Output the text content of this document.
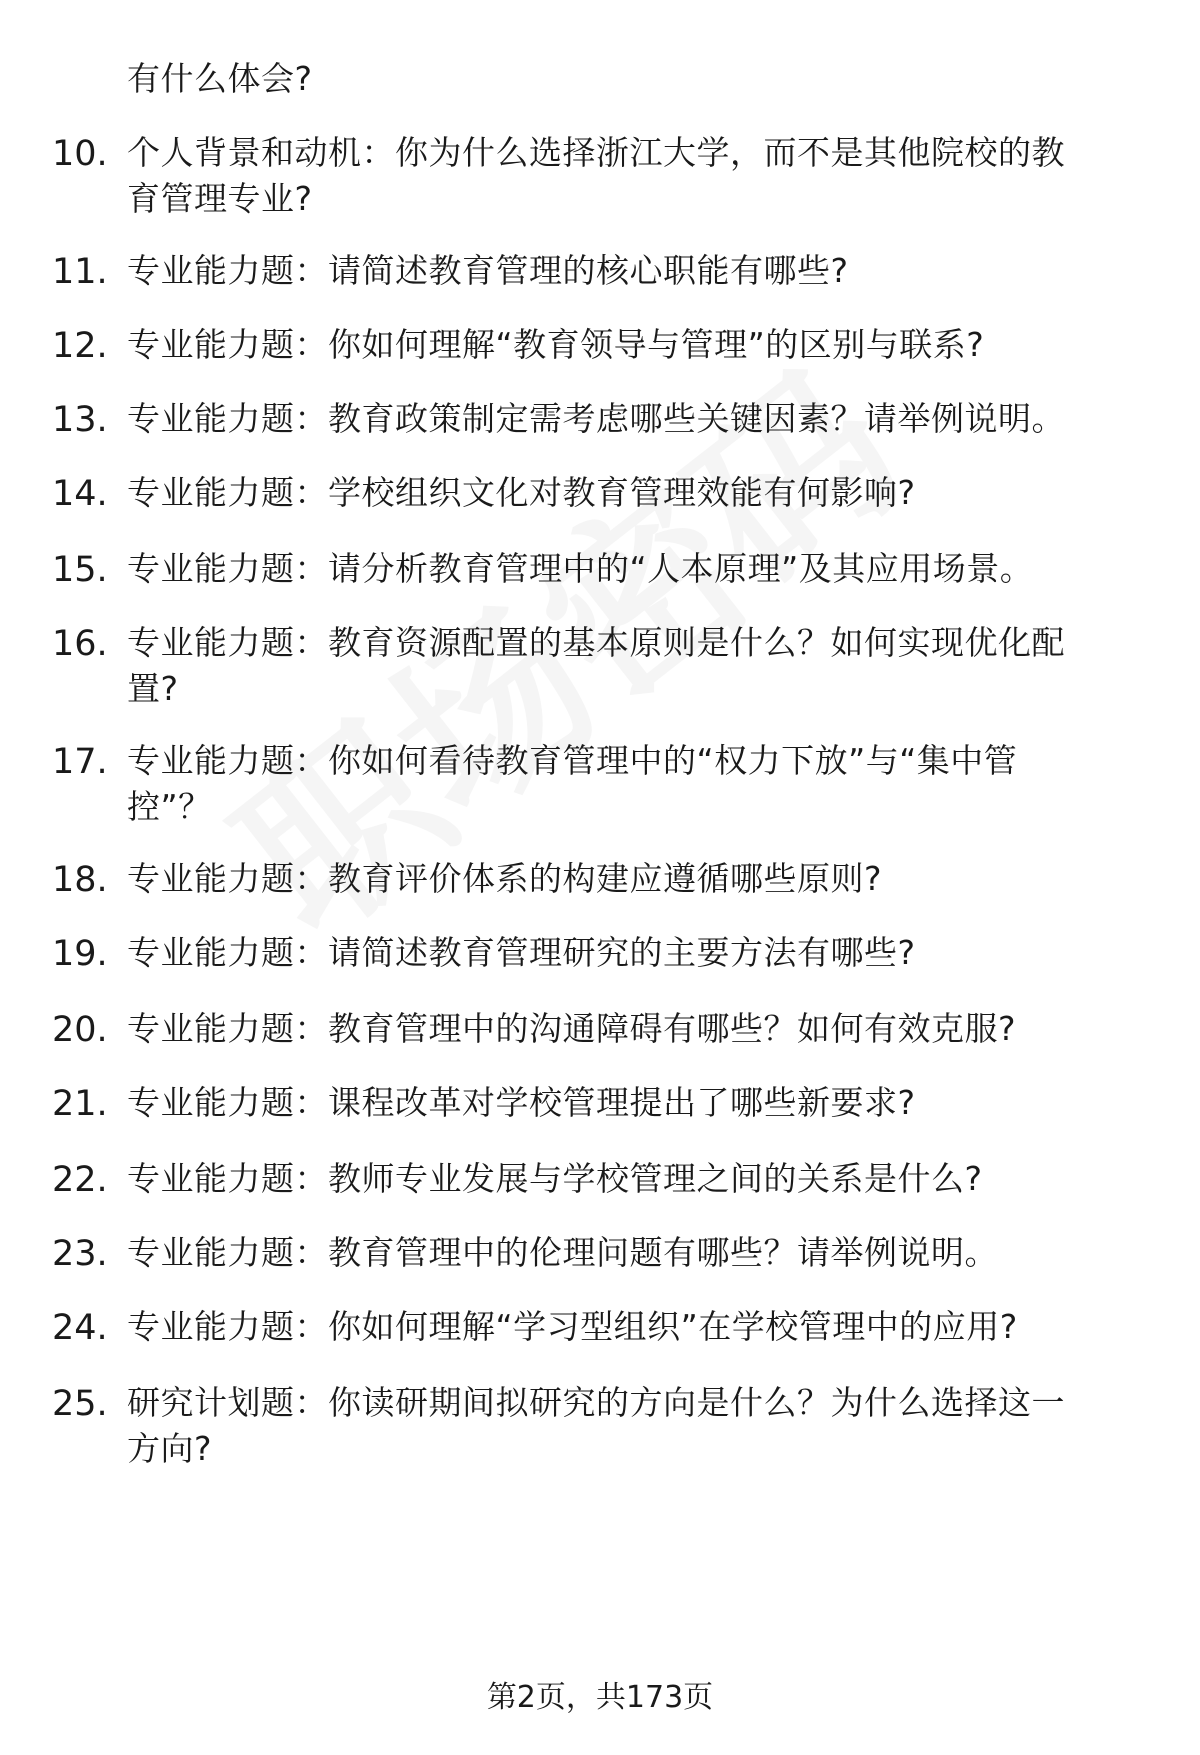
有什么体会?
10. 个人背景和动机：你为什么选择浙江大学，而不是其他院校的教
育管理专业?
11. 专业能力题：请简述教育管理的核心职能有哪些?
12. 专业能力题：你如何理解“教育领导与管理”的区别与联系?
13. 专业能力题：教育政策制定需考虑哪些关键因素？请举例说明。
14. 专业能力题：学校组织文化对教育管理效能有何影响?
15. 专业能力题：请分析教育管理中的“人本原理”及其应用场景。
16. 专业能力题：教育资源配置的基本原则是什么？如何实现优化配
置?
17. 专业能力题：你如何看待教育管理中的“权力下放”与“集中管
控”？
18. 专业能力题：教育评价体系的构建应遵循哪些原则?
19. 专业能力题：请简述教育管理研究的主要方法有哪些?
20. 专业能力题：教育管理中的沟通障碍有哪些？如何有效克服?
21. 专业能力题：课程改革对学校管理提出了哪些新要求?
22. 专业能力题：教师专业发展与学校管理之间的关系是什么?
23. 专业能力题：教育管理中的伦理问题有哪些？请举例说明。
24. 专业能力题：你如何理解“学习型组织”在学校管理中的应用?
25. 研究计划题：你读研期间拟研究的方向是什么？为什么选择这一
方向?
第2页，共173页
